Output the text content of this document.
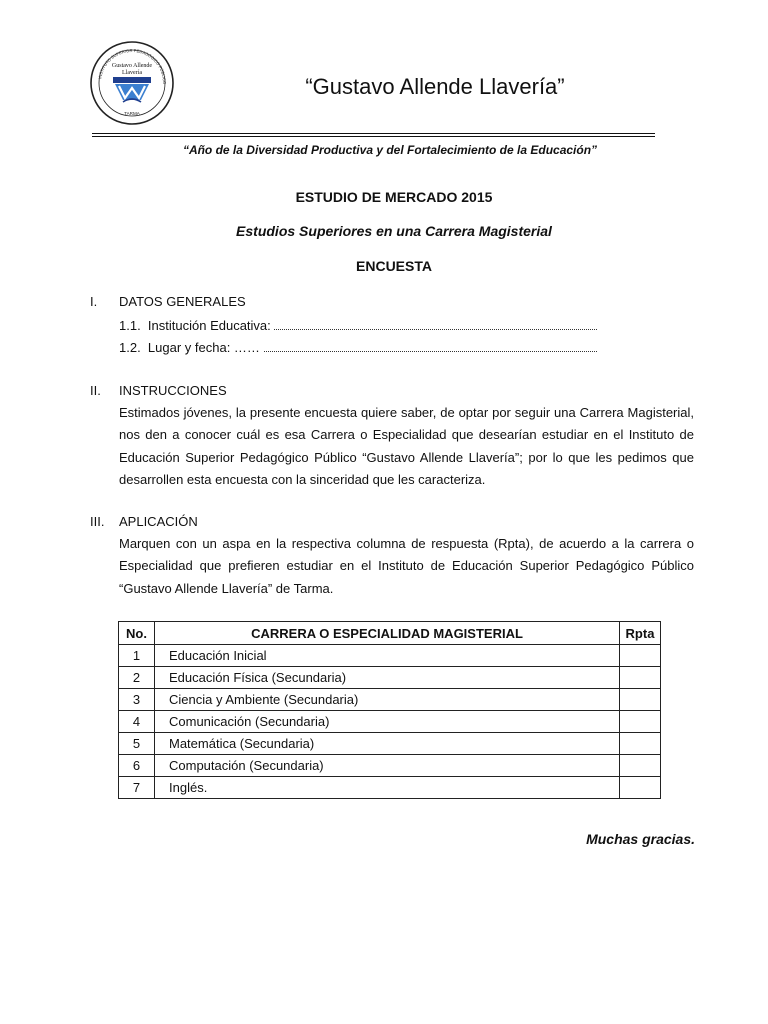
INSTITUTO SUPERIOR PEDAGÓGICO PÚBLICO
Gustavo Allende
Llavería
TARMA
“Gustavo Allende Llavería”
“Año de la Diversidad Productiva y del Fortalecimiento de la Educación”
ESTUDIO DE MERCADO 2015
Estudios Superiores en una Carrera Magisterial
ENCUESTA
I. DATOS GENERALES
1.1. Institución Educativa:
1.2. Lugar y fecha: ……
II. INSTRUCCIONES
Estimados jóvenes, la presente encuesta quiere saber, de optar por seguir una Carrera Magisterial,
nos den a conocer cuál es esa Carrera o Especialidad que desearían estudiar en el Instituto de
Educación Superior Pedagógico Público “Gustavo Allende Llavería”; por lo que les pedimos que
desarrollen esta encuesta con la sinceridad que les caracteriza.
III. APLICACIÓN
Marquen con un aspa en la respectiva columna de respuesta (Rpta), de acuerdo a la carrera o
Especialidad que prefieren estudiar en el Instituto de Educación Superior Pedagógico Público
“Gustavo Allende Llavería” de Tarma.
No.	CARRERA O ESPECIALIDAD MAGISTERIAL	Rpta
1	Educación Inicial	
2	Educación Física (Secundaria)	
3	Ciencia y Ambiente (Secundaria)	
4	Comunicación (Secundaria)	
5	Matemática (Secundaria)	
6	Computación (Secundaria)	
7	Inglés.	
Muchas gracias.
